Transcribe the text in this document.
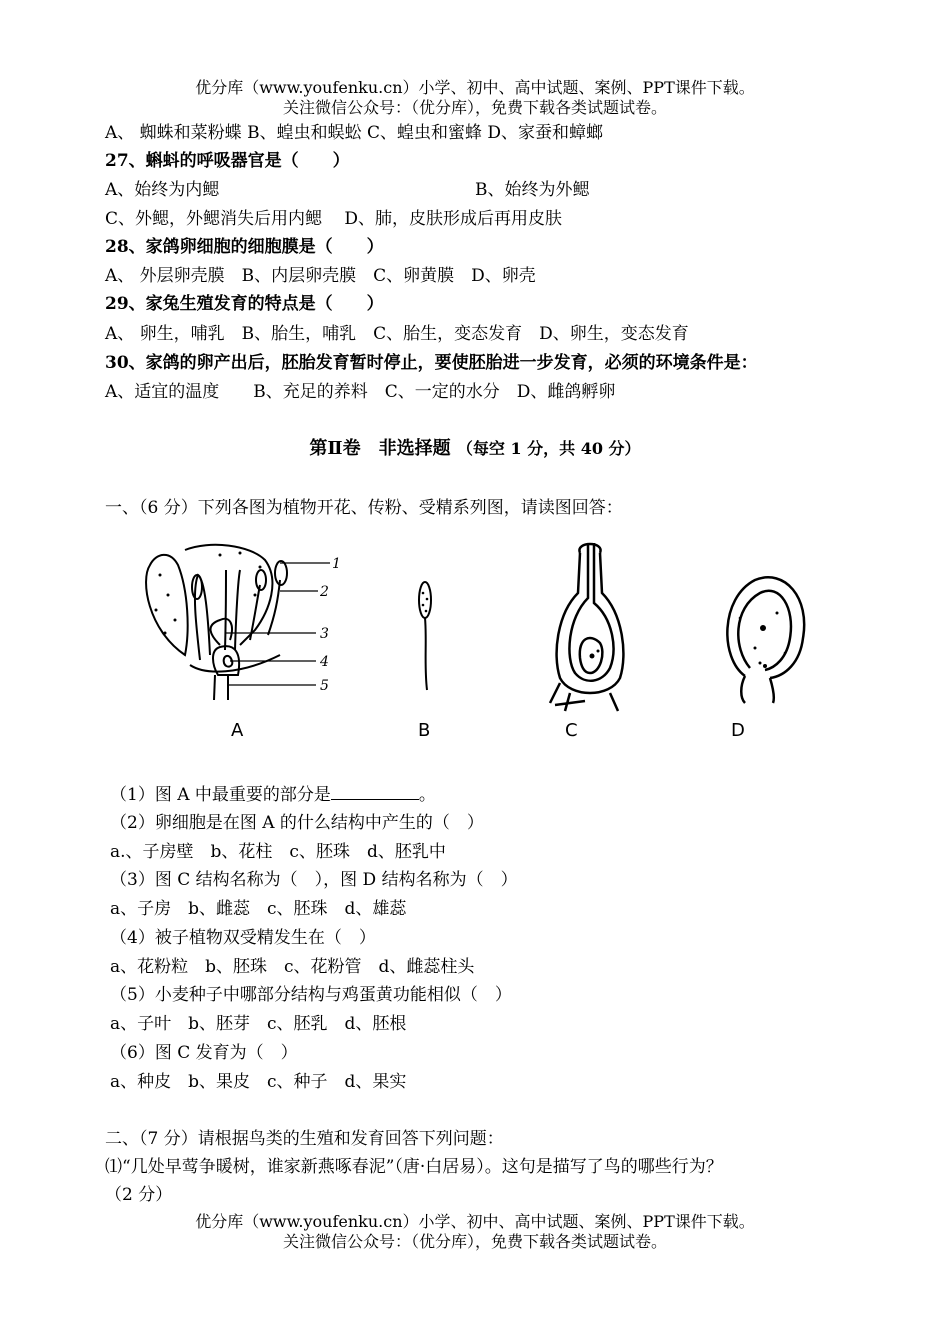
优分库（www.youfenku.cn）小学、初中、高中试题、案例、PPT课件下载。
关注微信公众号：（优分库），免费下载各类试题试卷。
A、 蜘蛛和菜粉蝶 B、蝗虫和蜈蚣 C、蝗虫和蜜蜂 D、家蚕和蟑螂
27、蝌蚪的呼吸器官是（　　）
A、始终为内鳃	B、始终为外鳃
C、外鳃，外鳃消失后用内鳃　 D、肺，皮肤形成后再用皮肤
28、家鸽卵细胞的细胞膜是（　　）
A、 外层卵壳膜　B、内层卵壳膜　C、卵黄膜　D、卵壳
29、家兔生殖发育的特点是（　　）
A、 卵生，哺乳　B、胎生，哺乳　C、胎生，变态发育　D、卵生，变态发育
30、家鸽的卵产出后，胚胎发育暂时停止，要使胚胎进一步发育，必须的环境条件是：
A、适宜的温度　　B、充足的养料　C、一定的水分　D、雌鸽孵卵
第Ⅱ卷　非选择题 （每空 1 分，共 40 分）
一、（6 分）下列各图为植物开花、传粉、受精系列图，请读图回答：
1
2
3
4
5
A	B	C	D
（1）图 A 中最重要的部分是	。
（2）卵细胞是在图 A 的什么结构中产生的（　）
a.、子房壁　b、花柱　c、胚珠　d、胚乳中
（3）图 C 结构名称为（　），图 D 结构名称为（　）
a、子房　b、雌蕊　c、胚珠　d、雄蕊
（4）被子植物双受精发生在（　）
a、花粉粒　b、胚珠　c、花粉管　d、雌蕊柱头
（5）小麦种子中哪部分结构与鸡蛋黄功能相似（　）
a、子叶　b、胚芽　c、胚乳　d、胚根
（6）图 C 发育为（　）
a、种皮　b、果皮　c、种子　d、果实
二、（7 分）请根据鸟类的生殖和发育回答下列问题：
⑴“几处早莺争暖树，谁家新燕啄春泥”（唐·白居易）。这句是描写了鸟的哪些行为？
（2 分）
优分库（www.youfenku.cn）小学、初中、高中试题、案例、PPT课件下载。
关注微信公众号：（优分库），免费下载各类试题试卷。
